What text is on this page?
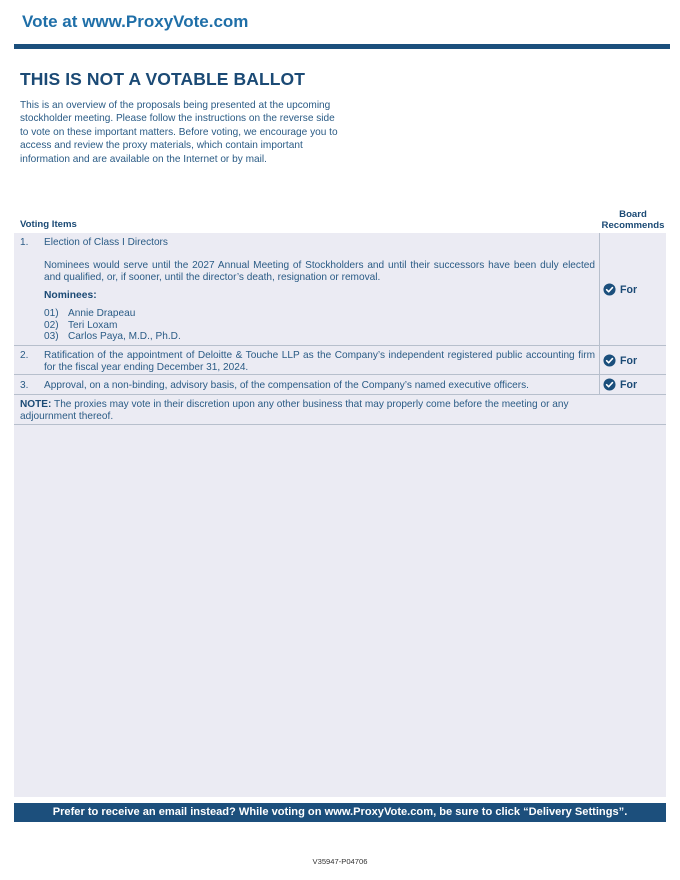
Vote at www.ProxyVote.com
THIS IS NOT A VOTABLE BALLOT

This is an overview of the proposals being presented at the upcoming stockholder meeting. Please follow the instructions on the reverse side to vote on these important matters. Before voting, we encourage you to access and review the proxy materials, which contain important information and are available on the Internet or by mail.

Voting Items
Board
Recommends
1. Election of Class I Directors
Nominees would serve until the 2027 Annual Meeting of Stockholders and until their successors have been duly elected and qualified, or, if sooner, until the director’s death, resignation or removal.
Nominees:
01) Annie Drapeau
02) Teri Loxam
03) Carlos Paya, M.D., Ph.D.
For
2. Ratification of the appointment of Deloitte & Touche LLP as the Company’s independent registered public accounting firm for the fiscal year ending December 31, 2024.
For
3. Approval, on a non-binding, advisory basis, of the compensation of the Company’s named executive officers.	For

NOTE: The proxies may vote in their discretion upon any other business that may properly come before the meeting or any adjournment thereof.

Prefer to receive an email instead? While voting on www.ProxyVote.com, be sure to click “Delivery Settings”.
V35947-P04706
